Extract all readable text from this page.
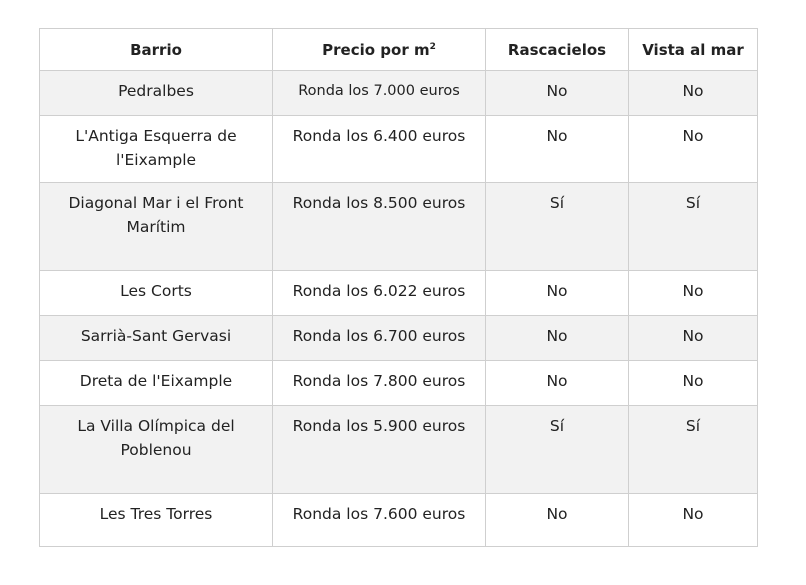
Barrio	Precio por $m^2$	Rascacielos	Vista al mar
Pedralbes	Ronda los 7.000 euros	No	No
L'Antiga Esquerra de l'Eixample	Ronda los 6.400 euros	No	No
Diagonal Mar i el Front Marítim	Ronda los 8.500 euros	Sí	Sí
Les Corts	Ronda los 6.022 euros	No	No
Sarrià-Sant Gervasi	Ronda los 6.700 euros	No	No
Dreta de l'Eixample	Ronda los 7.800 euros	No	No
La Villa Olímpica del Poblenou	Ronda los 5.900 euros	Sí	Sí
Les Tres Torres	Ronda los 7.600 euros	No	No
